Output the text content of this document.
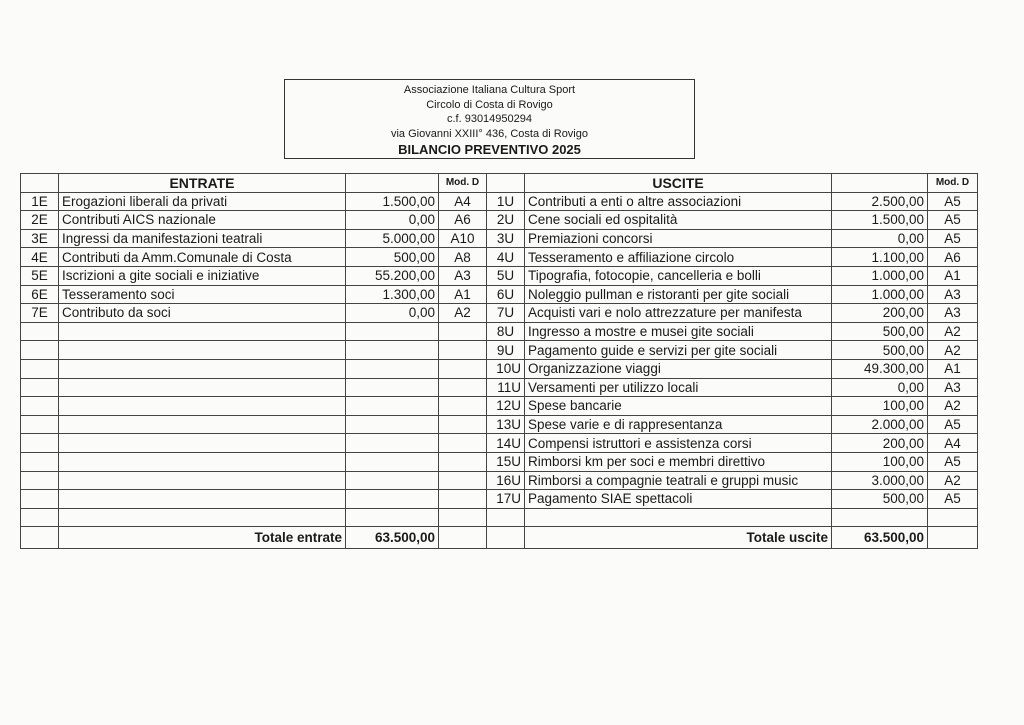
Associazione Italiana Cultura Sport
Circolo di Costa di Rovigo
c.f. 93014950294
via Giovanni XXIII° 436, Costa di Rovigo
BILANCIO PREVENTIVO 2025
	ENTRATE		Mod. D		USCITE		Mod. D
1E	Erogazioni liberali da privati	1.500,00	A4	1U	Contributi a enti o altre associazioni	2.500,00	A5
2E	Contributi AICS nazionale	0,00	A6	2U	Cene sociali ed ospitalità	1.500,00	A5
3E	Ingressi da manifestazioni teatrali	5.000,00	A10	3U	Premiazioni concorsi	0,00	A5
4E	Contributi da Amm.Comunale di Costa	500,00	A8	4U	Tesseramento e affiliazione circolo	1.100,00	A6
5E	Iscrizioni a gite sociali e iniziative	55.200,00	A3	5U	Tipografia, fotocopie, cancelleria e bolli	1.000,00	A1
6E	Tesseramento soci	1.300,00	A1	6U	Noleggio pullman e ristoranti per gite sociali	1.000,00	A3
7E	Contributo da soci	0,00	A2	7U	Acquisti vari e nolo attrezzature per manifesta	200,00	A3
				8U	Ingresso a mostre e musei gite sociali	500,00	A2
				9U	Pagamento guide e servizi per gite sociali	500,00	A2
				10U	Organizzazione viaggi	49.300,00	A1
				11U	Versamenti per utilizzo locali	0,00	A3
				12U	Spese bancarie	100,00	A2
				13U	Spese varie e di rappresentanza	2.000,00	A5
				14U	Compensi istruttori e assistenza corsi	200,00	A4
				15U	Rimborsi km per soci e membri direttivo	100,00	A5
				16U	Rimborsi a compagnie teatrali e gruppi music	3.000,00	A2
				17U	Pagamento SIAE spettacoli	500,00	A5

	Totale entrate	63.500,00			Totale uscite	63.500,00	
